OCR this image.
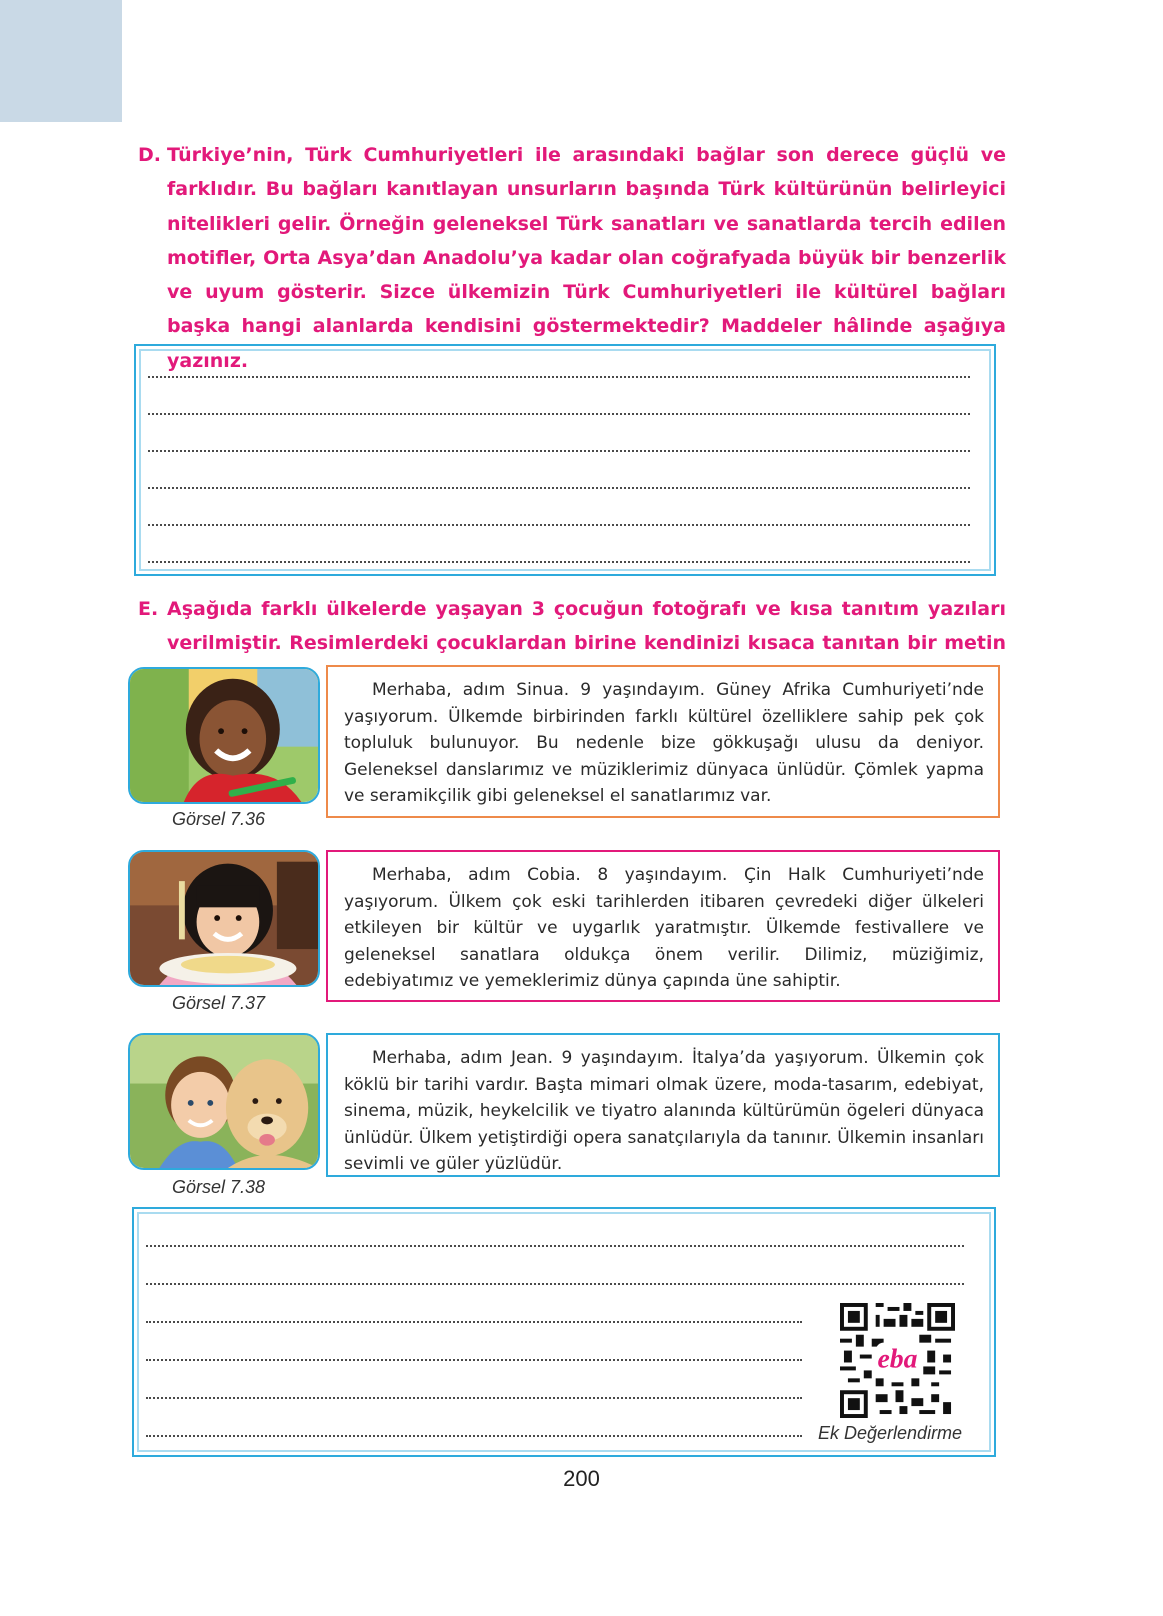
D. Türkiye’nin, Türk Cumhuriyetleri ile arasındaki bağlar son derece güçlü ve farklıdır. Bu bağları kanıtlayan unsurların başında Türk kültürünün belirleyici nitelikleri gelir. Örneğin geleneksel Türk sanatları ve sanatlarda tercih edilen motifler, Orta Asya’dan Anadolu’ya kadar olan coğrafyada büyük bir benzerlik ve uyum gösterir. Sizce ülkemizin Türk Cumhuriyetleri ile kültürel bağları başka hangi alanlarda kendisini göstermektedir? Maddeler hâlinde aşağıya yazınız.
E. Aşağıda farklı ülkelerde yaşayan 3 çocuğun fotoğrafı ve kısa tanıtım yazıları verilmiştir. Resimlerdeki çocuklardan birine kendinizi kısaca tanıtan bir metin
Görsel 7.36
Merhaba, adım Sinua. 9 yaşındayım. Güney Afrika Cumhuriyeti’nde yaşıyorum. Ülkemde birbirinden farklı kültürel özelliklere sahip pek çok topluluk bulunuyor. Bu nedenle bize gökkuşağı ulusu da deniyor. Geleneksel danslarımız ve müziklerimiz dünyaca ünlüdür. Çömlek yapma ve seramikçilik gibi geleneksel el sanatlarımız var.
Görsel 7.37
Merhaba, adım Cobia. 8 yaşındayım. Çin Halk Cumhuriyeti’nde yaşıyorum. Ülkem çok eski tarihlerden itibaren çevredeki diğer ülkeleri etkileyen bir kültür ve uygarlık yaratmıştır. Ülkemde festivallere ve geleneksel sanatlara oldukça önem verilir. Dilimiz, müziğimiz, edebiyatımız ve yemeklerimiz dünya çapında üne sahiptir.
Görsel 7.38
Merhaba, adım Jean. 9 yaşındayım. İtalya’da yaşıyorum. Ülkemin çok köklü bir tarihi vardır. Başta mimari olmak üzere, moda-tasarım, edebiyat, sinema, müzik, heykelcilik ve tiyatro alanında kültürümün ögeleri dünyaca ünlüdür. Ülkem yetiştirdiği opera sanatçılarıyla da tanınır. Ülkemin insanları sevimli ve güler yüzlüdür.
eba
Ek Değerlendirme
200
